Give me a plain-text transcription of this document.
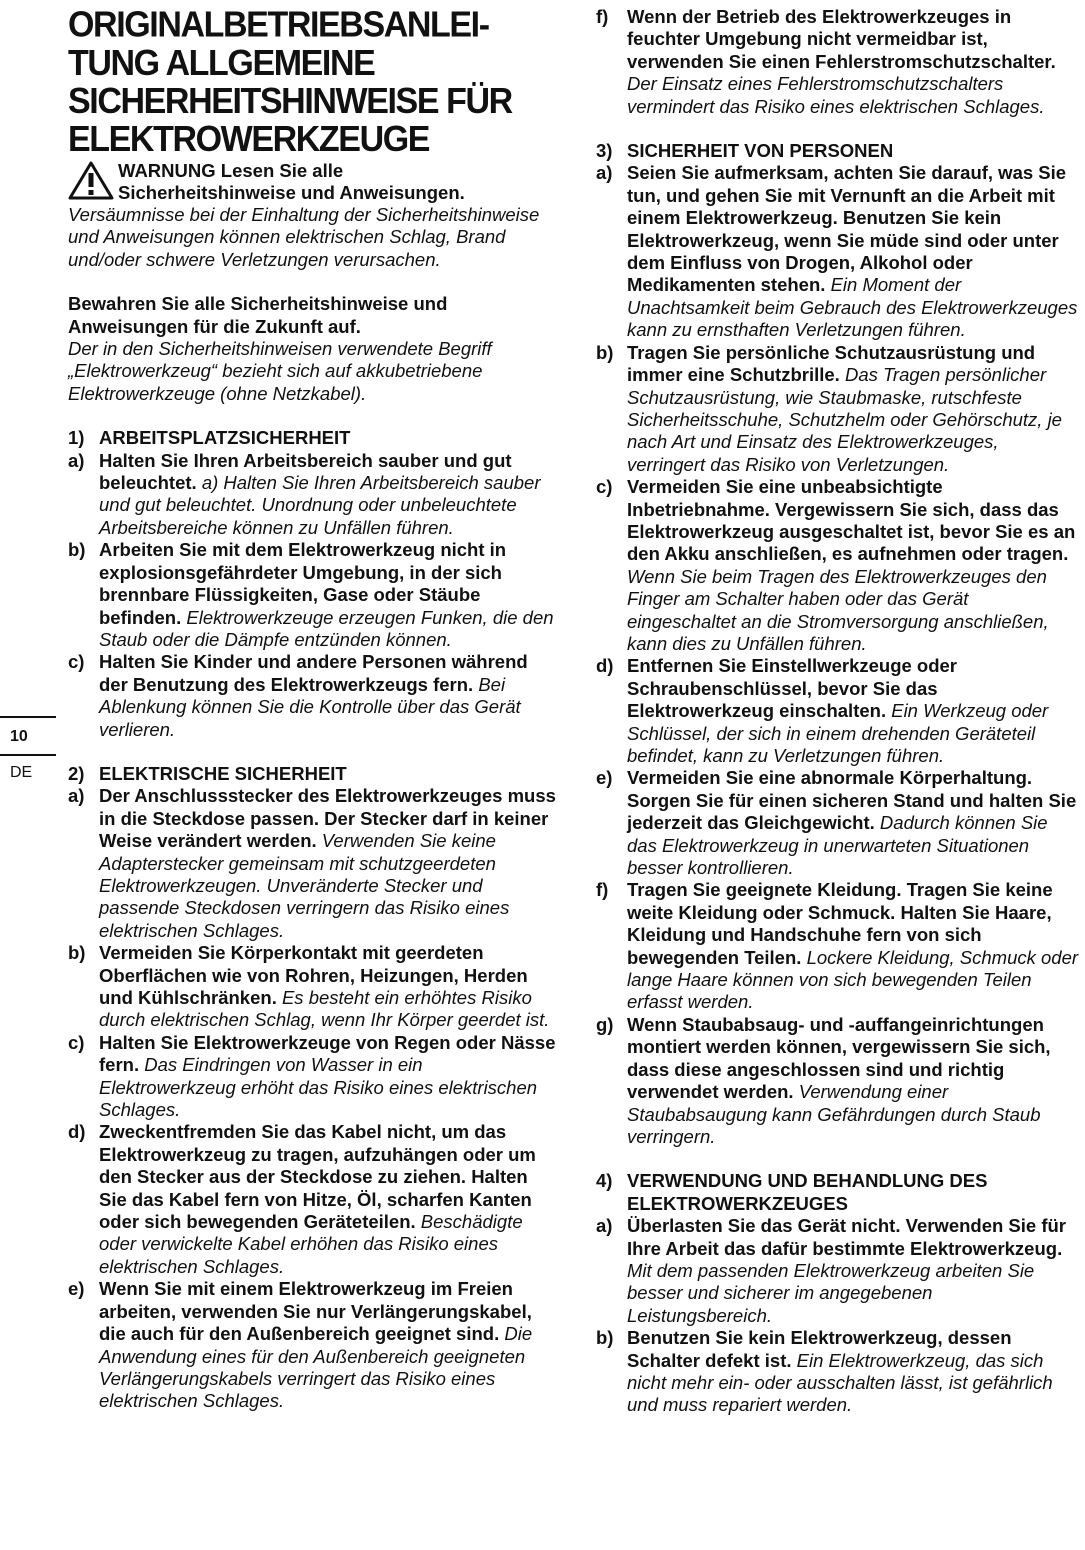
ORIGINALBETRIEBSANLEI-
TUNG ALLGEMEINE
SICHERHEITSHINWEISE FÜR
ELEKTROWERKZEUGE
WARNUNG Lesen Sie alle
Sicherheitshinweise und Anweisungen.

Versäumnisse bei der Einhaltung der Sicherheitshinweise und Anweisungen können elektrischen Schlag, Brand und/oder schwere Verletzungen verursachen.

Bewahren Sie alle Sicherheitshinweise und Anweisungen für die Zukunft auf.

Der in den Sicherheitshinweisen verwendete Begriff „Elektrowerkzeug“ bezieht sich auf akkubetriebene Elektrowerkzeuge (ohne Netzkabel).

1) ARBEITSPLATZSICHERHEIT
a) Halten Sie Ihren Arbeitsbereich sauber und gut beleuchtet. a) Halten Sie Ihren Arbeitsbereich sauber und gut beleuchtet. Unordnung oder unbeleuchtete Arbeitsbereiche können zu Unfällen führen.
b) Arbeiten Sie mit dem Elektrowerkzeug nicht in explosionsgefährdeter Umgebung, in der sich brennbare Flüssigkeiten, Gase oder Stäube befinden. Elektrowerkzeuge erzeugen Funken, die den Staub oder die Dämpfe entzünden können.
c) Halten Sie Kinder und andere Personen während der Benutzung des Elektrowerkzeugs fern. Bei Ablenkung können Sie die Kontrolle über das Gerät verlieren.
2) ELEKTRISCHE SICHERHEIT
a) Der Anschlussstecker des Elektrowerkzeuges muss in die Steckdose passen. Der Stecker darf in keiner Weise verändert werden. Verwenden Sie keine Adapterstecker gemeinsam mit schutzgeerdeten Elektrowerkzeugen. Unveränderte Stecker und passende Steckdosen verringern das Risiko eines elektrischen Schlages.
b) Vermeiden Sie Körperkontakt mit geerdeten Oberflächen wie von Rohren, Heizungen, Herden und Kühlschränken. Es besteht ein erhöhtes Risiko durch elektrischen Schlag, wenn Ihr Körper geerdet ist.
c) Halten Sie Elektrowerkzeuge von Regen oder Nässe fern. Das Eindringen von Wasser in ein Elektrowerkzeug erhöht das Risiko eines elektrischen Schlages.
d) Zweckentfremden Sie das Kabel nicht, um das Elektrowerkzeug zu tragen, aufzuhängen oder um den Stecker aus der Steckdose zu ziehen. Halten Sie das Kabel fern von Hitze, Öl, scharfen Kanten oder sich bewegenden Geräteteilen. Beschädigte oder verwickelte Kabel erhöhen das Risiko eines elektrischen Schlages.
e) Wenn Sie mit einem Elektrowerkzeug im Freien arbeiten, verwenden Sie nur Verlängerungskabel, die auch für den Außenbereich geeignet sind. Die Anwendung eines für den Außenbereich geeigneten Verlängerungskabels verringert das Risiko eines elektrischen Schlages.
10
DE
f)	Wenn der Betrieb des Elektrowerkzeuges in feuchter Umgebung nicht vermeidbar ist, verwenden Sie einen Fehlerstromschutzschalter. Der Einsatz eines Fehlerstromschutzschalters vermindert das Risiko eines elektrischen Schlages.
3) SICHERHEIT VON PERSONEN
a) Seien Sie aufmerksam, achten Sie darauf, was Sie tun, und gehen Sie mit Vernunft an die Arbeit mit einem Elektrowerkzeug. Benutzen Sie kein Elektrowerkzeug, wenn Sie müde sind oder unter dem Einfluss von Drogen, Alkohol oder Medikamenten stehen. Ein Moment der Unachtsamkeit beim Gebrauch des Elektrowerkzeuges kann zu ernsthaften Verletzungen führen.
b) Tragen Sie persönliche Schutzausrüstung und immer eine Schutzbrille. Das Tragen persönlicher Schutzausrüstung, wie Staubmaske, rutschfeste Sicherheitsschuhe, Schutzhelm oder Gehörschutz, je nach Art und Einsatz des Elektrowerkzeuges, verringert das Risiko von Verletzungen.
c) Vermeiden Sie eine unbeabsichtigte Inbetriebnahme. Vergewissern Sie sich, dass das Elektrowerkzeug ausgeschaltet ist, bevor Sie es an den Akku anschließen, es aufnehmen oder tragen. Wenn Sie beim Tragen des Elektrowerkzeuges den Finger am Schalter haben oder das Gerät eingeschaltet an die Stromversorgung anschließen, kann dies zu Unfällen führen.
d) Entfernen Sie Einstellwerkzeuge oder Schraubenschlüssel, bevor Sie das Elektrowerkzeug einschalten. Ein Werkzeug oder Schlüssel, der sich in einem drehenden Geräteteil befindet, kann zu Verletzungen führen.
e) Vermeiden Sie eine abnormale Körperhaltung. Sorgen Sie für einen sicheren Stand und halten Sie jederzeit das Gleichgewicht. Dadurch können Sie das Elektrowerkzeug in unerwarteten Situationen besser kontrollieren.
f)	Tragen Sie geeignete Kleidung. Tragen Sie keine weite Kleidung oder Schmuck. Halten Sie Haare, Kleidung und Handschuhe fern von sich bewegenden Teilen. Lockere Kleidung, Schmuck oder lange Haare können von sich bewegenden Teilen erfasst werden.
g) Wenn Staubabsaug- und -auffangeinrichtungen montiert werden können, vergewissern Sie sich, dass diese angeschlossen sind und richtig verwendet werden. Verwendung einer Staubabsaugung kann Gefährdungen durch Staub verringern.
4) VERWENDUNG UND BEHANDLUNG DES ELEKTROWERKZEUGES
a) Überlasten Sie das Gerät nicht. Verwenden Sie für Ihre Arbeit das dafür bestimmte Elektrowerkzeug. Mit dem passenden Elektrowerkzeug arbeiten Sie besser und sicherer im angegebenen Leistungsbereich.
b) Benutzen Sie kein Elektrowerkzeug, dessen Schalter defekt ist. Ein Elektrowerkzeug, das sich nicht mehr ein- oder ausschalten lässt, ist gefährlich und muss repariert werden.
